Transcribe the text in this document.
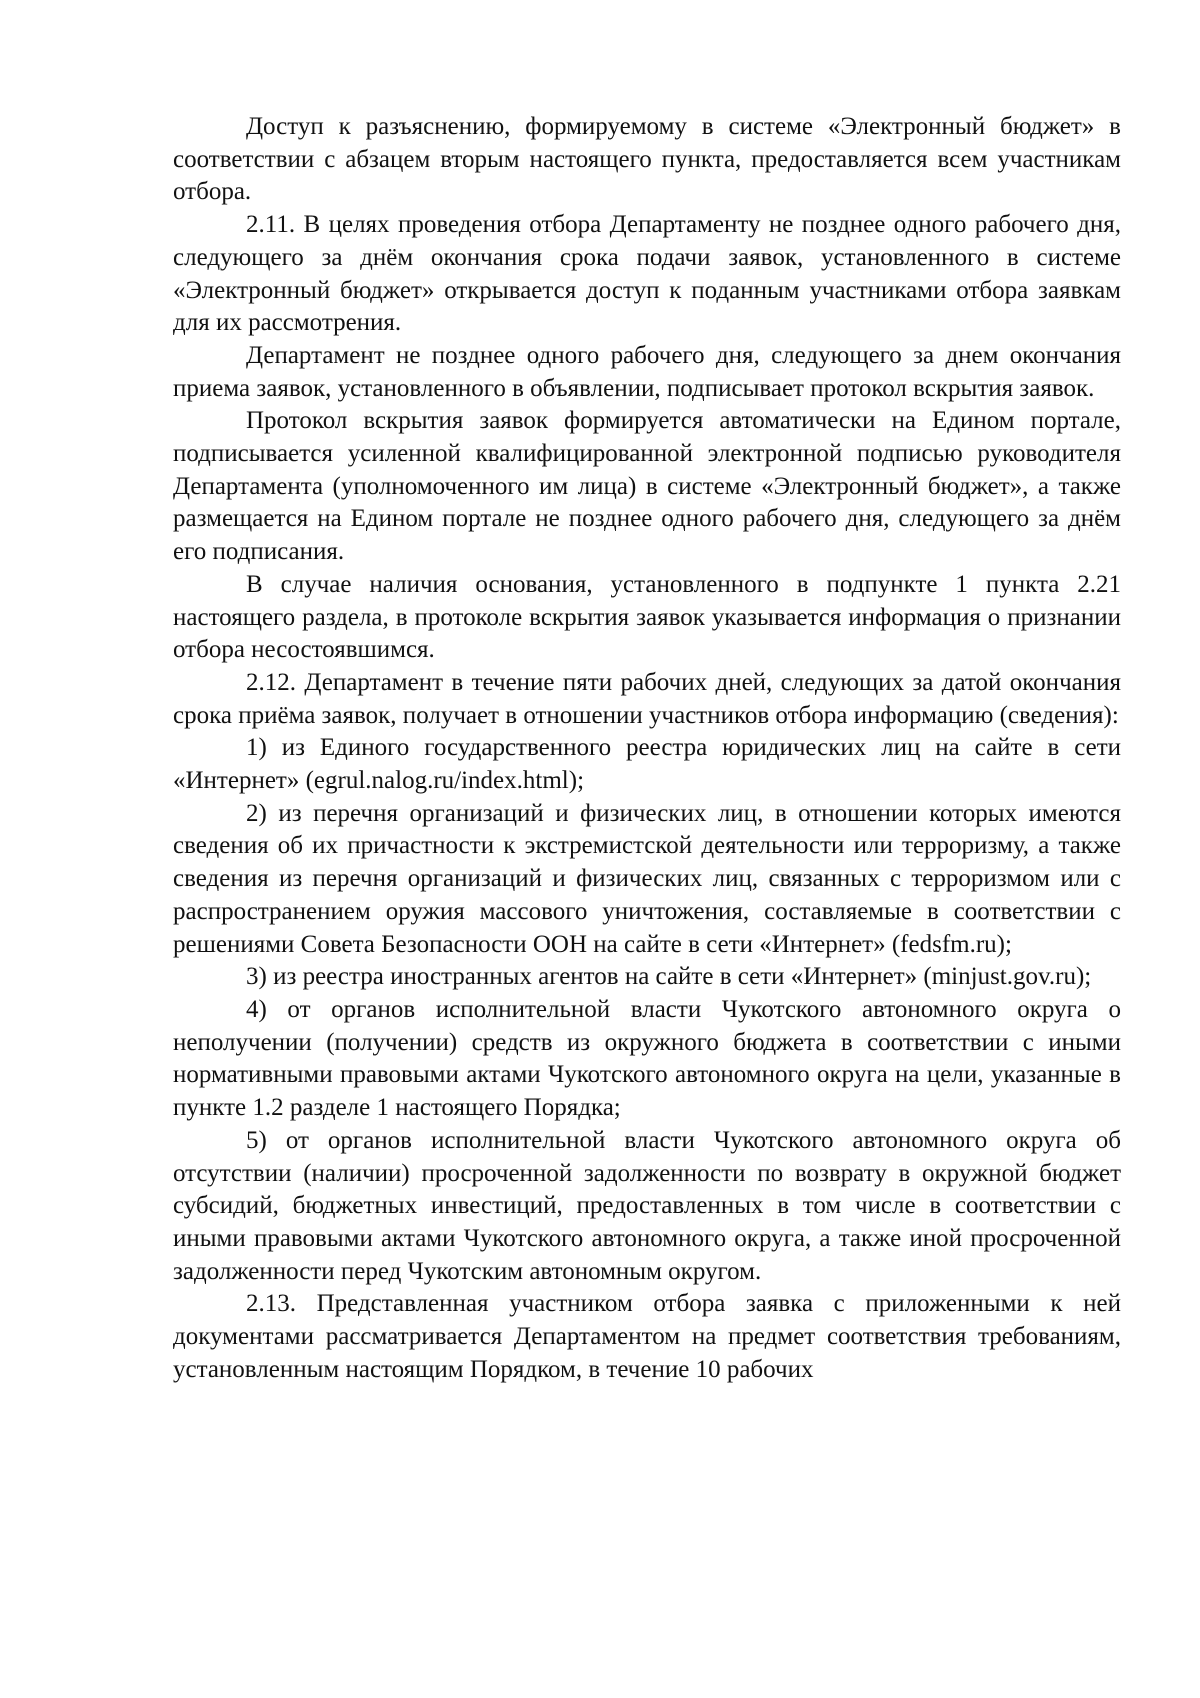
Доступ к разъяснению, формируемому в системе «Электронный бюджет» в соответствии с абзацем вторым настоящего пункта, предоставляется всем участникам отбора.

2.11. В целях проведения отбора Департаменту не позднее одного рабочего дня, следующего за днём окончания срока подачи заявок, установленного в системе «Электронный бюджет» открывается доступ к поданным участниками отбора заявкам для их рассмотрения.

Департамент не позднее одного рабочего дня, следующего за днем окончания приема заявок, установленного в объявлении, подписывает протокол вскрытия заявок.

Протокол вскрытия заявок формируется автоматически на Едином портале, подписывается усиленной квалифицированной электронной подписью руководителя Департамента (уполномоченного им лица) в системе «Электронный бюджет», а также размещается на Едином портале не позднее одного рабочего дня, следующего за днём его подписания.

В случае наличия основания, установленного в подпункте 1 пункта 2.21 настоящего раздела, в протоколе вскрытия заявок указывается информация о признании отбора несостоявшимся.

2.12. Департамент в течение пяти рабочих дней, следующих за датой окончания срока приёма заявок, получает в отношении участников отбора информацию (сведения):

1) из Единого государственного реестра юридических лиц на сайте в сети «Интернет» (egrul.nalog.ru/index.html);

2) из перечня организаций и физических лиц, в отношении которых имеются сведения об их причастности к экстремистской деятельности или терроризму, а также сведения из перечня организаций и физических лиц, связанных с терроризмом или с распространением оружия массового уничтожения, составляемые в соответствии с решениями Совета Безопасности ООН на сайте в сети «Интернет» (fedsfm.ru);

3) из реестра иностранных агентов на сайте в сети «Интернет» (minjust.gov.ru);

4) от органов исполнительной власти Чукотского автономного округа о неполучении (получении) средств из окружного бюджета в соответствии с иными нормативными правовыми актами Чукотского автономного округа на цели, указанные в пункте 1.2 разделе 1 настоящего Порядка;

5) от органов исполнительной власти Чукотского автономного округа об отсутствии (наличии) просроченной задолженности по возврату в окружной бюджет субсидий, бюджетных инвестиций, предоставленных в том числе в соответствии с иными правовыми актами Чукотского автономного округа, а также иной просроченной задолженности перед Чукотским автономным округом.

2.13. Представленная участником отбора заявка с приложенными к ней документами рассматривается Департаментом на предмет соответствия требованиям, установленным настоящим Порядком, в течение 10 рабочих
